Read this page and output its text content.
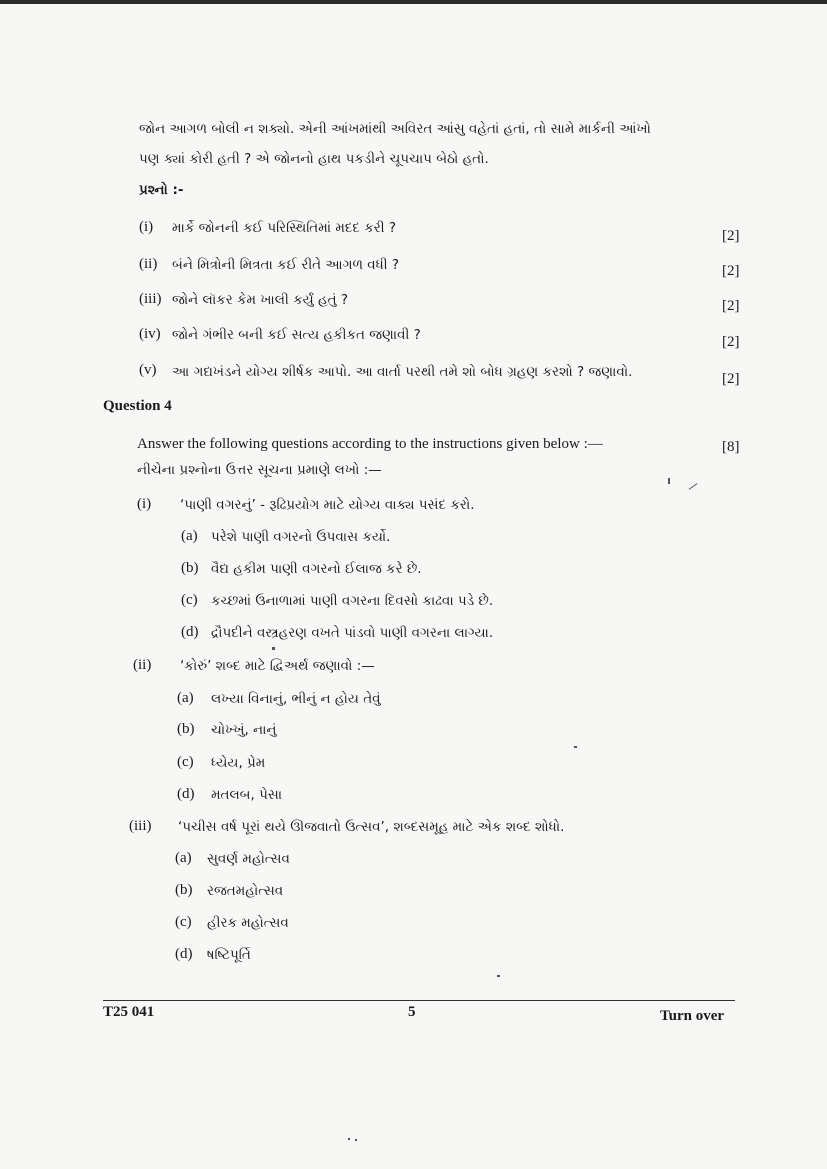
જોન આગળ બોલી ન શક્યો. એની આંખમાંથી અવિરત આંસુ વહેતાં હતાં, તો સામે માર્કની આંખો
પણ ક્યાં કોરી હતી ? એ જોનનો હાથ પકડીને ચૂપચાપ બેઠો હતો.
પ્રશ્નો :-
(i) માર્કે જોનની કઈ પરિસ્થિતિમાં મદદ કરી ?	[2]
(ii) બંને મિત્રોની મિત્રતા કઈ રીતે આગળ વધી ?	[2]
(iii) જોને લૉકર કેમ ખાલી કર્યું હતું ?	[2]
(iv) જોને ગંભીર બની કઈ સત્ય હકીકત જણાવી ?	[2]
(v) આ ગદ્યખંડને યોગ્ય શીર્ષક આપો. આ વાર્તા પરથી તમે શો બોધ ગ્રહણ કરશો ? જણાવો.	[2]
Question 4
Answer the following questions according to the instructions given below :—	[8]
નીચેના પ્રશ્નોના ઉત્તર સૂચના પ્રમાણે લખો :—
(i) ‘પાણી વગરનું’ - રૂઢિપ્રયોગ માટે યોગ્ય વાક્ય પસંદ કરો.
(a) પરેશે પાણી વગરનો ઉપવાસ કર્યો.
(b) વૈદ્ય હકીમ પાણી વગરનો ઈલાજ કરે છે.
(c) કચ્છમાં ઉનાળામાં પાણી વગરના દિવસો કાઢવા પડે છે.
(d) દ્રૌપદીને વસ્ત્રહરણ વખતે પાંડવો પાણી વગરના લાગ્યા.
(ii) ‘કોરું’ શબ્દ માટે દ્વિઅર્થ જણાવો :—
(a) લખ્યા વિનાનું, ભીનું ન હોય તેવું
(b) ચોખ્ખું, નાનું
(c) ધ્યેય, પ્રેમ
(d) મતલબ, પેસા
(iii) ‘પચીસ વર્ષ પૂરાં થયે ઊજવાતો ઉત્સવ’, શબ્દસમૂહ માટે એક શબ્દ શોધો.
(a) સુવર્ણ મહોત્સવ
(b) રજતમહોત્સવ
(c) હીરક મહોત્સવ
(d) ષષ્ટિપૂર્તિ
T25 041	5	Turn over
